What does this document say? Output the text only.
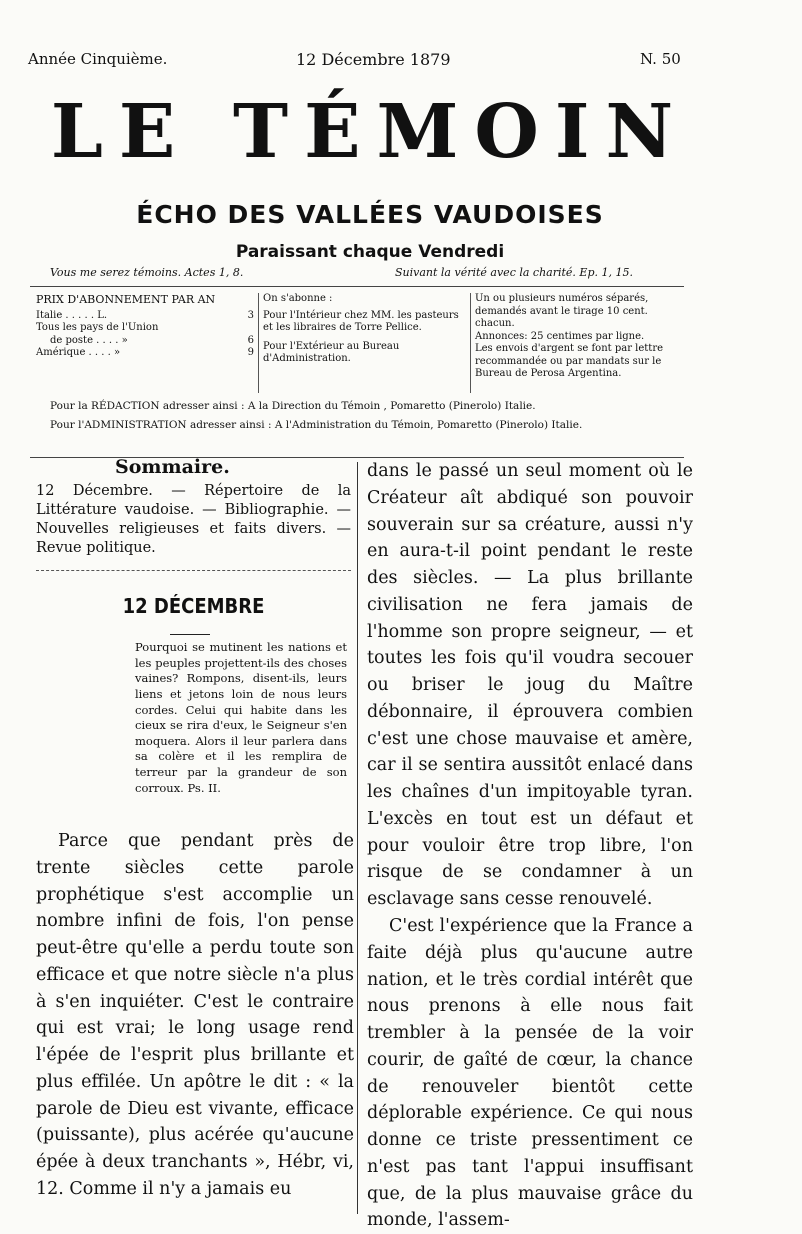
Année Cinquième.	12 Décembre 1879	N. 50
LE TÉMOIN
ÉCHO DES VALLÉES VAUDOISES
Paraissant chaque Vendredi
Vous me serez témoins. Actes 1, 8.	Suivant la vérité avec la charité. Ep. 1, 15.
PRIX D'ABONNEMENT PAR AN
Italie . . . . . L.	3
Tous les pays de l'Union
de poste . . . . »	6
Amérique . . . . »	9
On s'abonne :
Pour l'Intérieur chez MM. les pasteurs et les libraires de Torre Pellice.
Pour l'Extérieur au Bureau d'Administration.
Un ou plusieurs numéros séparés, demandés avant le tirage 10 cent. chacun.
Annonces: 25 centimes par ligne.
Les envois d'argent se font par lettre recommandée ou par mandats sur le Bureau de Perosa Argentina.
Pour la RÉDACTION adresser ainsi : A la Direction du Témoin , Pomaretto (Pinerolo) Italie.
Pour l'ADMINISTRATION adresser ainsi : A l'Administration du Témoin, Pomaretto (Pinerolo) Italie.
Sommaire.
12 Décembre. — Répertoire de la Littérature vaudoise. — Bibliographie. — Nouvelles religieuses et faits divers. — Revue politique.
12 DÉCEMBRE
Pourquoi se mutinent les nations et les peuples projettent-ils des choses vaines? Rompons, disent-ils, leurs liens et jetons loin de nous leurs cordes. Celui qui habite dans les cieux se rira d'eux, le Seigneur s'en moquera. Alors il leur parlera dans sa colère et il les remplira de terreur par la grandeur de son corroux. Ps. II.

Parce que pendant près de trente siècles cette parole prophétique s'est accomplie un nombre infini de fois, l'on pense peut-être qu'elle a perdu toute son efficace et que notre siècle n'a plus à s'en inquiéter. C'est le contraire qui est vrai; le long usage rend l'épée de l'esprit plus brillante et plus effilée. Un apôtre le dit : « la parole de Dieu est vivante, efficace (puissante), plus acérée qu'aucune épée à deux tranchants », Hébr, vi, 12. Comme il n'y a jamais eu

dans le passé un seul moment où le Créateur aît abdiqué son pouvoir souverain sur sa créature, aussi n'y en aura-t-il point pendant le reste des siècles. — La plus brillante civilisation ne fera jamais de l'homme son propre seigneur, — et toutes les fois qu'il voudra secouer ou briser le joug du Maître débonnaire, il éprouvera combien c'est une chose mauvaise et amère, car il se sentira aussitôt enlacé dans les chaînes d'un impitoyable tyran. L'excès en tout est un défaut et pour vouloir être trop libre, l'on risque de se condamner à un esclavage sans cesse renouvelé.

C'est l'expérience que la France a faite déjà plus qu'aucune autre nation, et le très cordial intérêt que nous prenons à elle nous fait trembler à la pensée de la voir courir, de gaîté de cœur, la chance de renouveler bientôt cette déplorable expérience. Ce qui nous donne ce triste pressentiment ce n'est pas tant l'appui insuffisant que, de la plus mauvaise grâce du monde, l'assem-
